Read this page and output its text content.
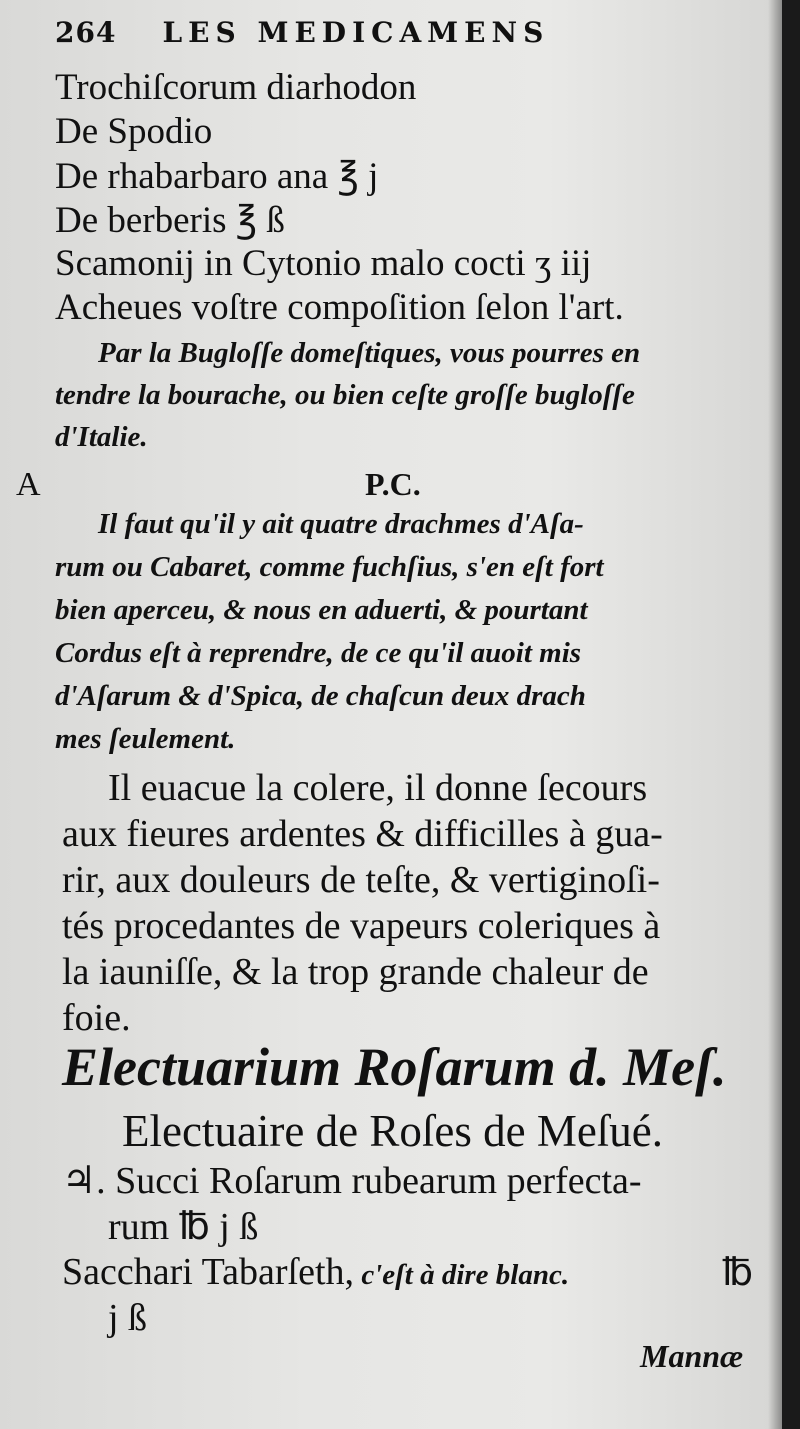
264 LES MEDICAMENS
Trochiſcorum diarhodon
De Spodio
De rhabarbaro ana ℥ j
De berberis ℥ ß
Scamonij in Cytonio malo cocti ʒ iij
Acheues voſtre compoſition ſelon l'art.
Par la Bugloſſe domeſtiques, vous pourres en
tendre la bourache, ou bien ceſte groſſe bugloſſe
d'Italie.
A	P.C.
Il faut qu'il y ait quatre drachmes d'Aſa-
rum ou Cabaret, comme fuchſius, s'en eſt fort
bien aperceu, & nous en aduerti, & pourtant
Cordus eſt à reprendre, de ce qu'il auoit mis
d'Aſarum & d'Spica, de chaſcun deux drach
mes ſeulement.
Il euacue la colere, il donne ſecours
aux fieures ardentes & difficilles à gua-
rir, aux douleurs de teſte, & vertiginoſi-
tés procedantes de vapeurs coleriques à
la iauniſſe, & la trop grande chaleur de
foie.
Electuarium Roſarum d. Meſ.
Electuaire de Roſes de Meſué.
♃. Succi Roſarum rubearum perfecta-
rum ℔ j ß
Sacchari Tabarſeth, c'eſt à dire blanc.	℔
j ß
Mannæ
